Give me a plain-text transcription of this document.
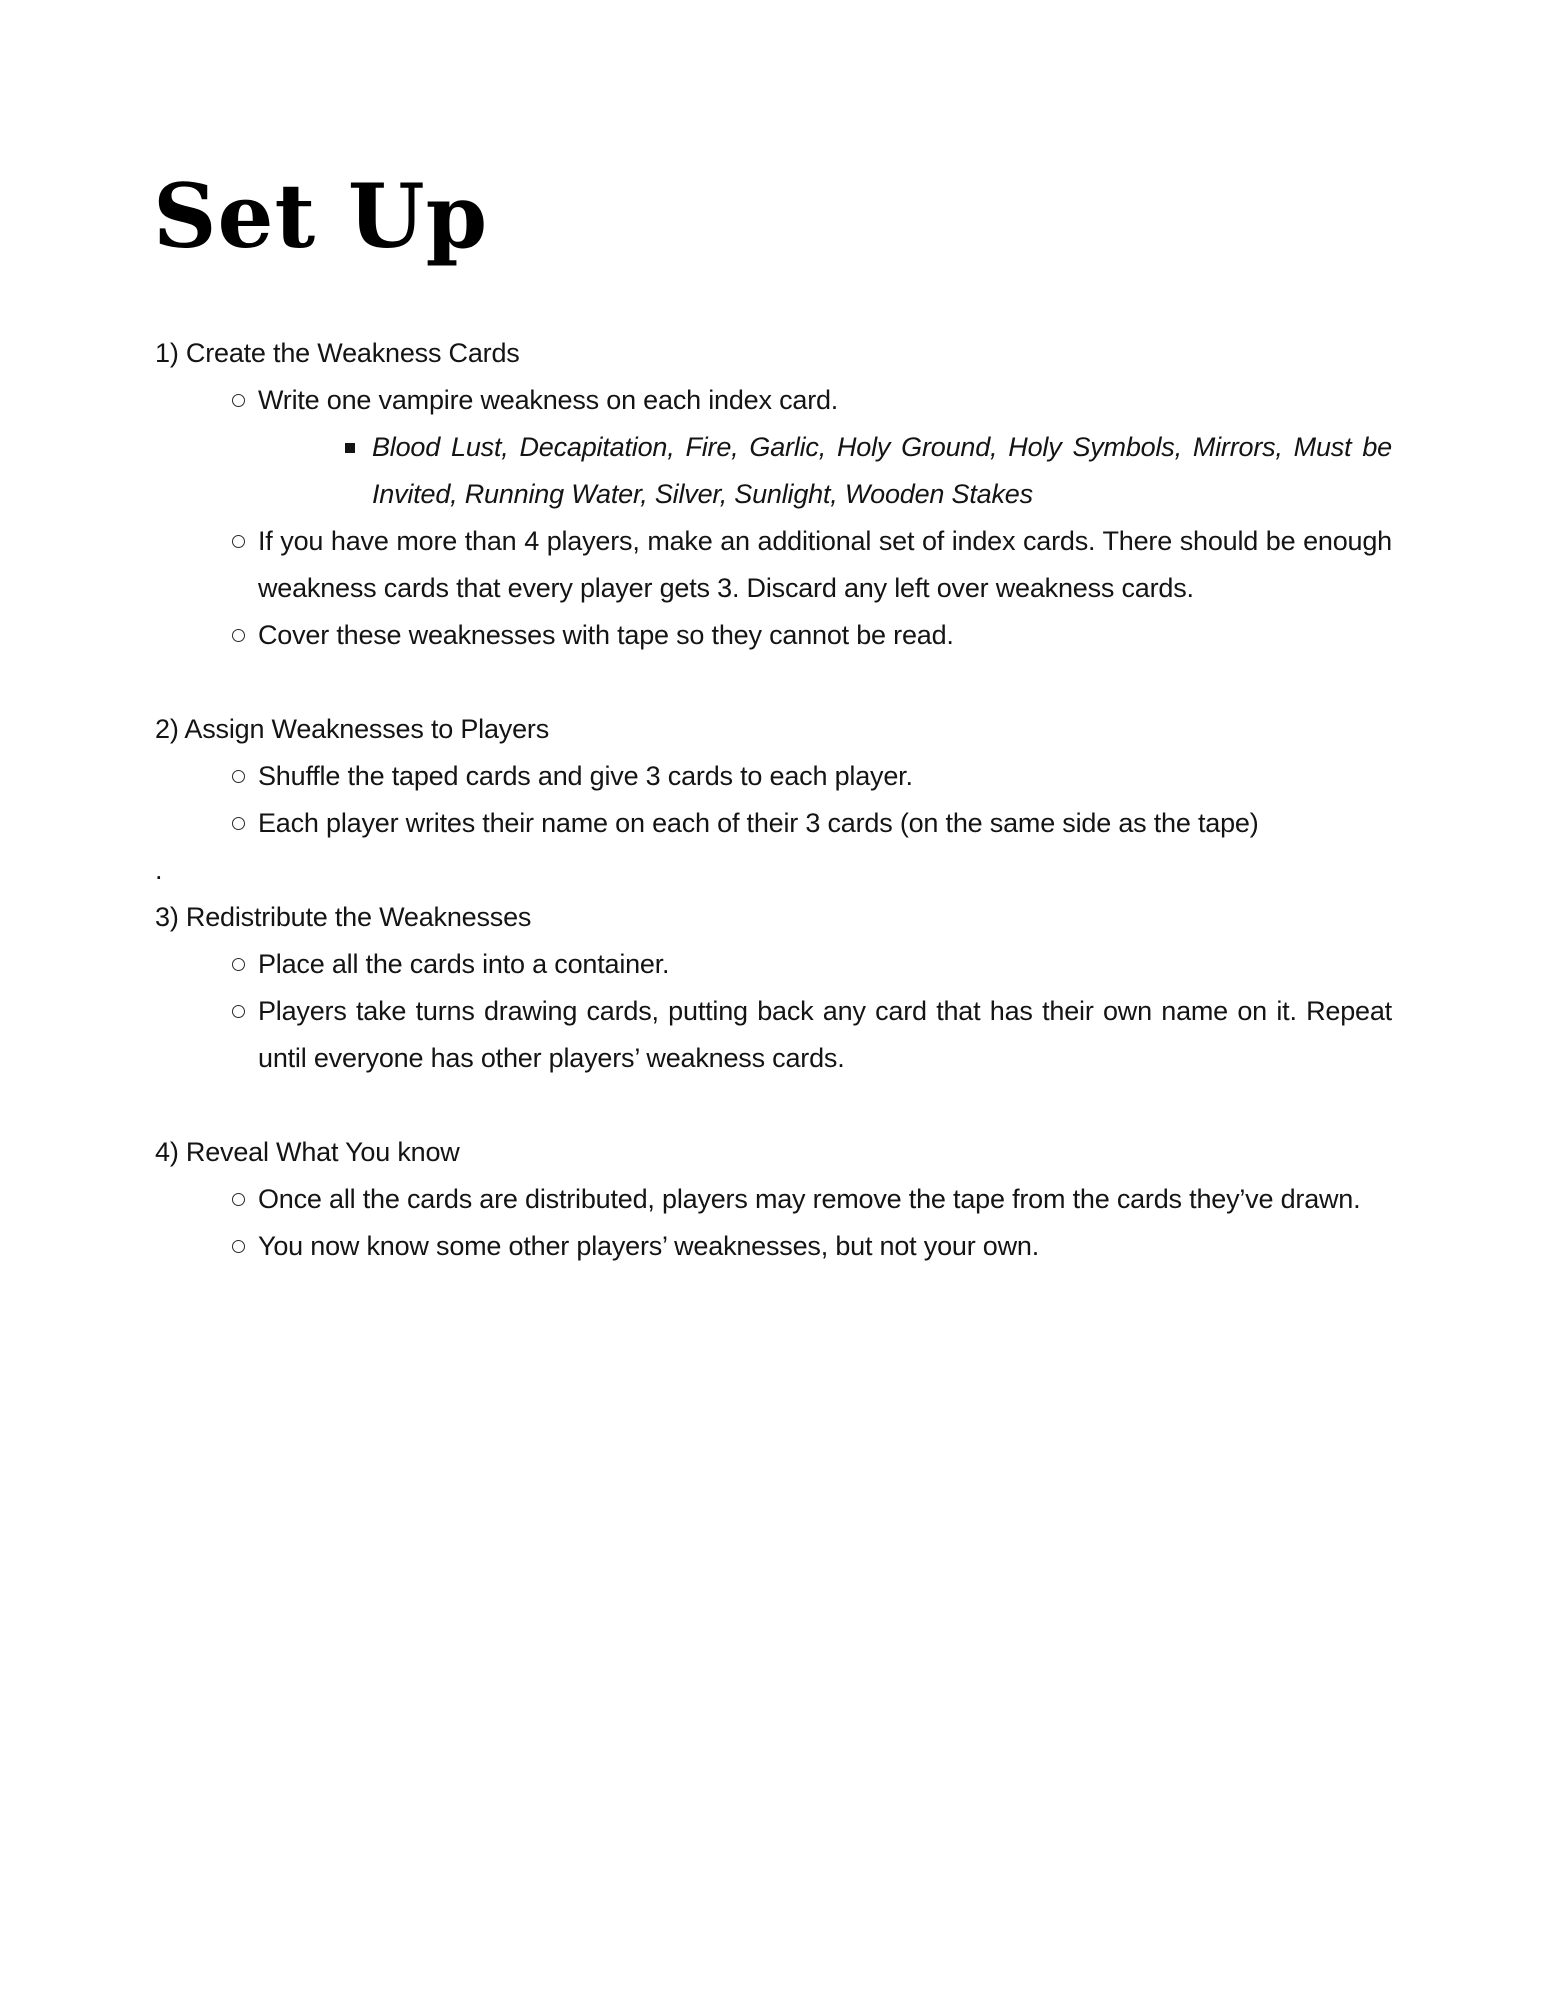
Set Up

1) Create the Weakness Cards

Write one vampire weakness on each index card.
Blood Lust, Decapitation, Fire, Garlic, Holy Ground, Holy Symbols, Mirrors, Must be Invited, Running Water, Silver, Sunlight, Wooden Stakes
If you have more than 4 players, make an additional set of index cards. There should be enough weakness cards that every player gets 3. Discard any left over weakness cards.
Cover these weaknesses with tape so they cannot be read.

2) Assign Weaknesses to Players

Shuffle the taped cards and give 3 cards to each player.
Each player writes their name on each of their 3 cards (on the same side as the tape)

.

3) Redistribute the Weaknesses

Place all the cards into a container.
Players take turns drawing cards, putting back any card that has their own name on it. Repeat until everyone has other players’ weakness cards.

4) Reveal What You know

Once all the cards are distributed, players may remove the tape from the cards they’ve drawn.
You now know some other players’ weaknesses, but not your own.
